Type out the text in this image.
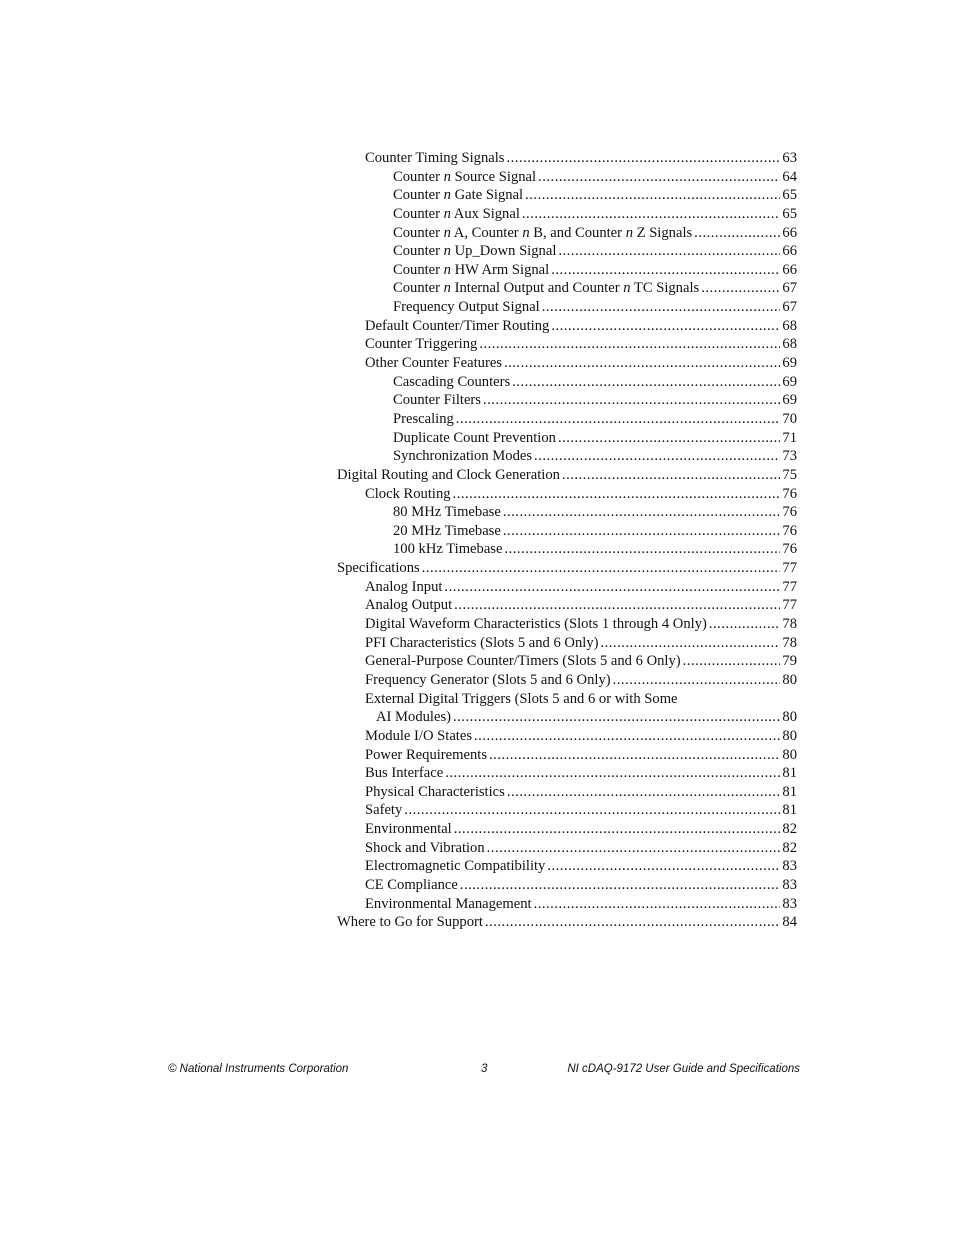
Counter Timing Signals .....	63
Counter n Source Signal .....	64
Counter n Gate Signal .....	65
Counter n Aux Signal .....	65
Counter n A, Counter n B, and Counter n Z Signals .....	66
Counter n Up_Down Signal .....	66
Counter n HW Arm Signal .....	66
Counter n Internal Output and Counter n TC Signals .....	67
Frequency Output Signal .....	67
Default Counter/Timer Routing .....	68
Counter Triggering .....	68
Other Counter Features .....	69
Cascading Counters .....	69
Counter Filters .....	69
Prescaling .....	70
Duplicate Count Prevention .....	71
Synchronization Modes .....	73
Digital Routing and Clock Generation .....	75
Clock Routing .....	76
80 MHz Timebase .....	76
20 MHz Timebase .....	76
100 kHz Timebase .....	76
Specifications .....	77
Analog Input .....	77
Analog Output .....	77
Digital Waveform Characteristics (Slots 1 through 4 Only) .....	78
PFI Characteristics (Slots 5 and 6 Only) .....	78
General-Purpose Counter/Timers (Slots 5 and 6 Only) .....	79
Frequency Generator (Slots 5 and 6 Only) .....	80
External Digital Triggers (Slots 5 and 6 or with Some
AI Modules) .....	80
Module I/O States .....	80
Power Requirements .....	80
Bus Interface .....	81
Physical Characteristics .....	81
Safety .....	81
Environmental .....	82
Shock and Vibration .....	82
Electromagnetic Compatibility .....	83
CE Compliance .....	83
Environmental Management .....	83
Where to Go for Support .....	84
© National Instruments Corporation	3	NI cDAQ-9172 User Guide and Specifications
